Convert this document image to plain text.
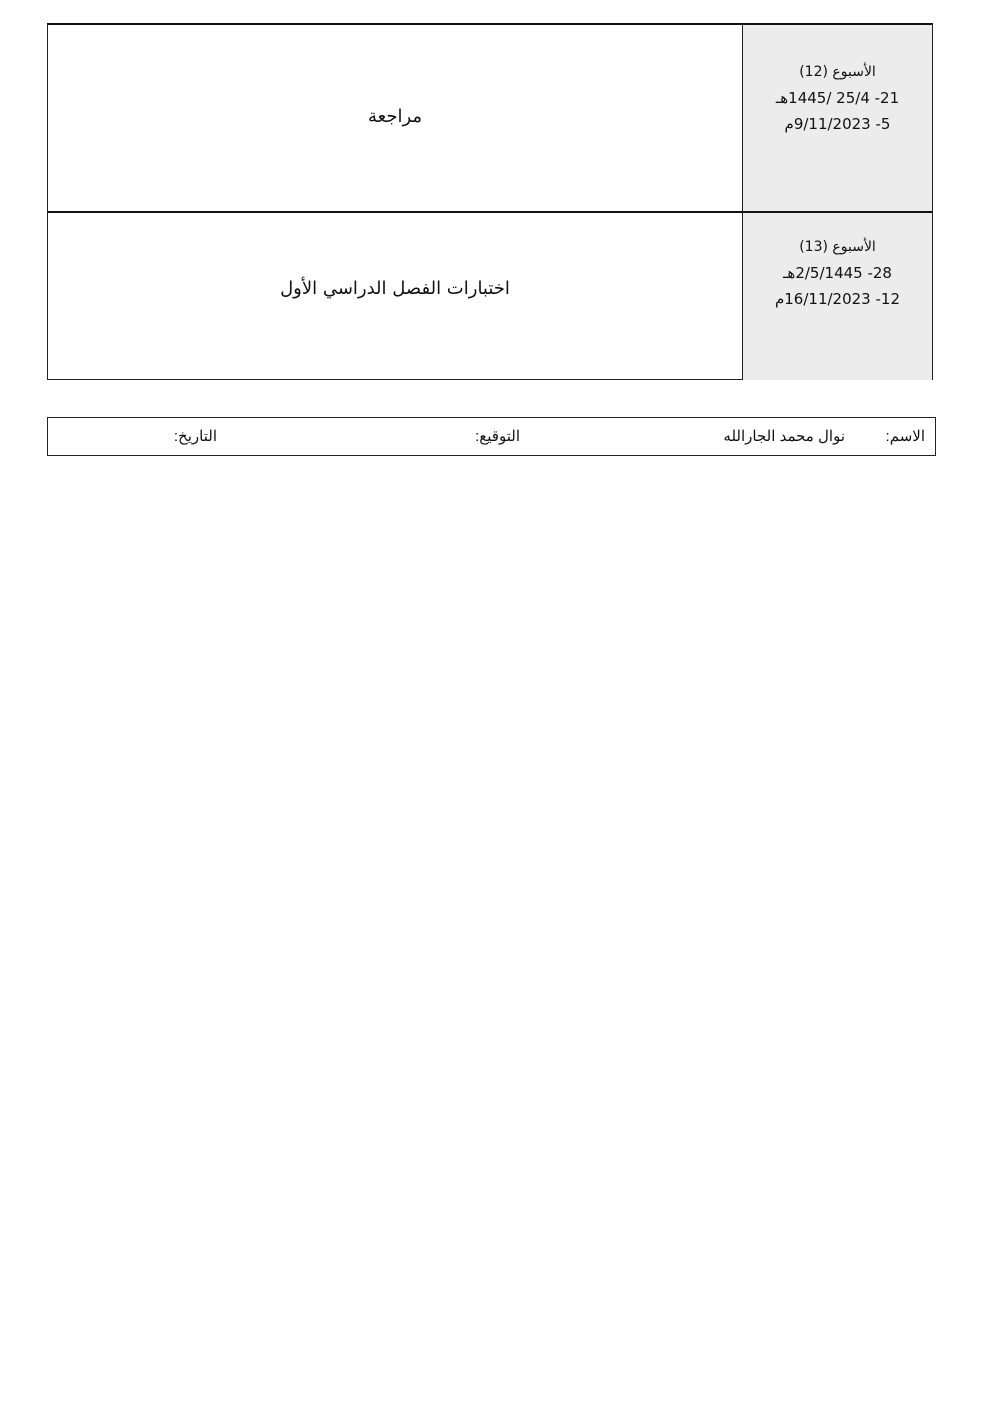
مراجعة
الأسبوع (12)
21- 25/4 /1445هـ
5- 9/11/2023م
اختبارات الفصل الدراسي الأول
الأسبوع (13)
28- 2/5/1445هـ
12- 16/11/2023م
الاسم:
نوال محمد الجارالله
التوقيع:
التاريخ:
